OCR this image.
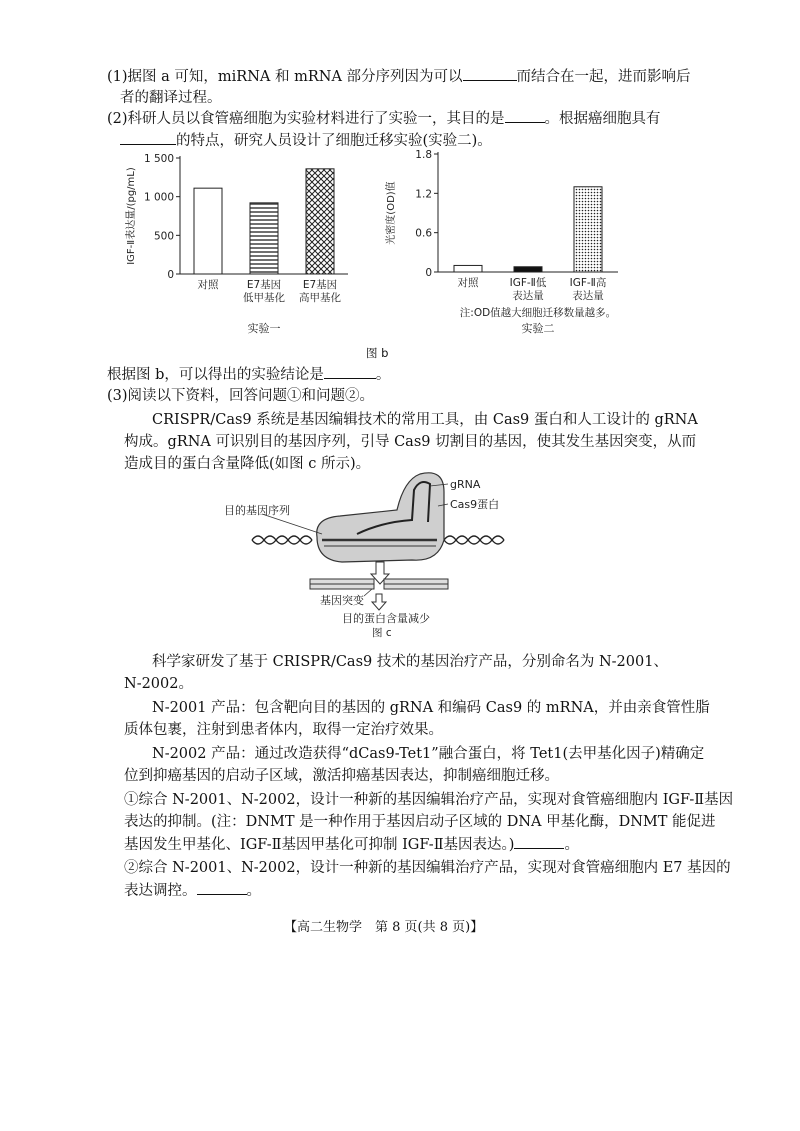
(1)据图 a 可知，miRNA 和 mRNA 部分序列因为可以	而结合在一起，进而影响后
者的翻译过程。
(2)科研人员以食管癌细胞为实验材料进行了实验一，其目的是	。根据癌细胞具有
的特点，研究人员设计了细胞迁移实验(实验二)。
0
500
1 000
1 500
IGF-Ⅱ表达量/(pg/mL)
对照	E7基因
低甲基化
E7基因
高甲基化
实验一
0
0.6
1.2
1.8
光密度(OD)值
对照	IGF-Ⅱ低
表达量
IGF-Ⅱ高
表达量
注:OD值越大细胞迁移数量越多。
实验二
图 b
根据图 b，可以得出的实验结论是	。
(3)阅读以下资料，回答问题①和问题②。
CRISPR/Cas9 系统是基因编辑技术的常用工具，由 Cas9 蛋白和人工设计的 gRNA
构成。gRNA 可识别目的基因序列，引导 Cas9 切割目的基因，使其发生基因突变，从而
造成目的蛋白含量降低(如图 c 所示)。
目的基因序列
gRNA
Cas9蛋白
基因突变
目的蛋白含量减少
图 c
科学家研发了基于 CRISPR/Cas9 技术的基因治疗产品，分别命名为 N-2001、
N-2002。
N-2001 产品：包含靶向目的基因的 gRNA 和编码 Cas9 的 mRNA，并由亲食管性脂
质体包裹，注射到患者体内，取得一定治疗效果。
N-2002 产品：通过改造获得“dCas9-Tet1”融合蛋白，将 Tet1(去甲基化因子)精确定
位到抑癌基因的启动子区域，激活抑癌基因表达，抑制癌细胞迁移。
①综合 N-2001、N-2002，设计一种新的基因编辑治疗产品，实现对食管癌细胞内 IGF-Ⅱ基因
表达的抑制。(注：DNMT 是一种作用于基因启动子区域的 DNA 甲基化酶，DNMT 能促进
基因发生甲基化、IGF-Ⅱ基因甲基化可抑制 IGF-Ⅱ基因表达。)	。
②综合 N-2001、N-2002，设计一种新的基因编辑治疗产品，实现对食管癌细胞内 E7 基因的
表达调控。	。
【高二生物学　第 8 页(共 8 页)】
